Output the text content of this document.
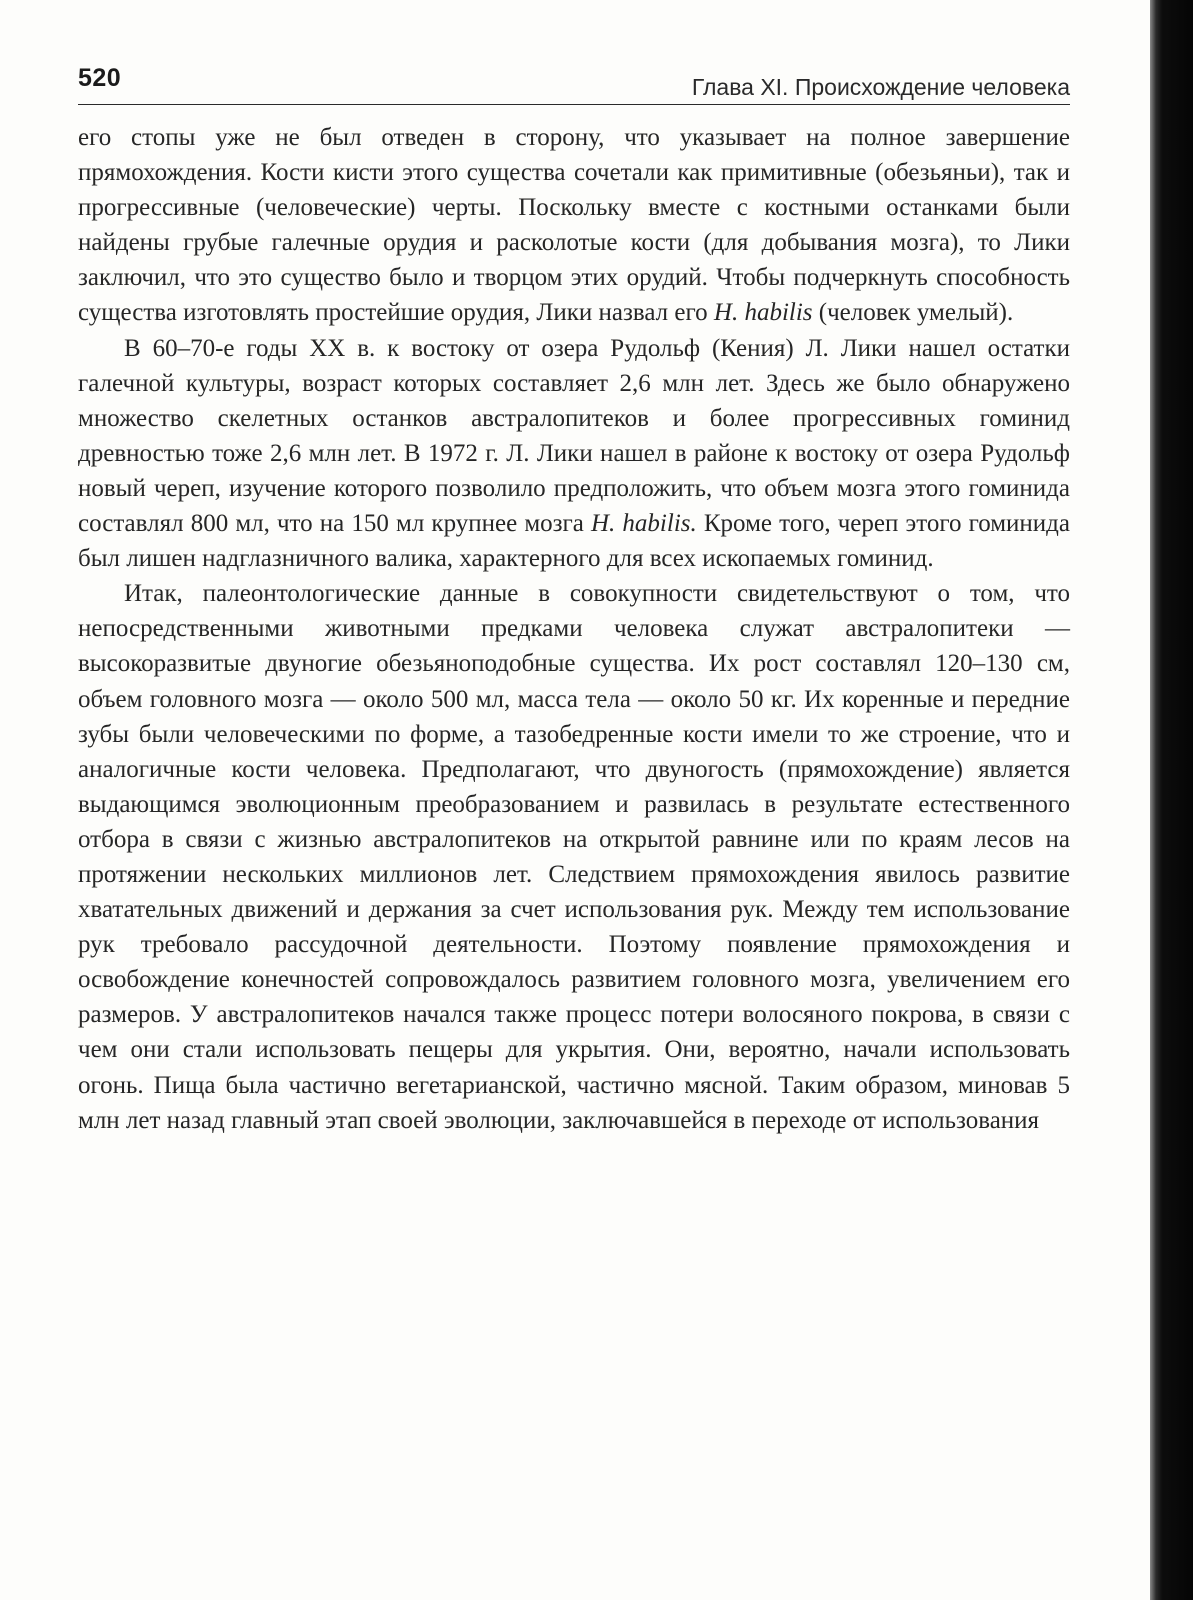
520	Глава XI. Происхождение человека

его стопы уже не был отведен в сторону, что указывает на полное завершение прямохождения. Кости кисти этого существа сочетали как примитивные (обезьяньи), так и прогрессивные (человеческие) черты. Поскольку вместе с костными останками были найдены грубые галечные орудия и расколотые кости (для добывания мозга), то Лики заключил, что это существо было и творцом этих орудий. Чтобы подчеркнуть способность существа изготовлять простейшие орудия, Лики назвал его H. habilis (человек умелый).

В 60–70-е годы XX в. к востоку от озера Рудольф (Кения) Л. Лики нашел остатки галечной культуры, возраст которых составляет 2,6 млн лет. Здесь же было обнаружено множество скелетных останков австралопитеков и более прогрессивных гоминид древностью тоже 2,6 млн лет. В 1972 г. Л. Лики нашел в районе к востоку от озера Рудольф новый череп, изучение которого позволило предположить, что объем мозга этого гоминида составлял 800 мл, что на 150 мл крупнее мозга H. habilis. Кроме того, череп этого гоминида был лишен надглазничного валика, характерного для всех ископаемых гоминид.

Итак, палеонтологические данные в совокупности свидетельствуют о том, что непосредственными животными предками человека служат австралопитеки — высокоразвитые двуногие обезьяноподобные существа. Их рост составлял 120–130 см, объем головного мозга — около 500 мл, масса тела — около 50 кг. Их коренные и передние зубы были человеческими по форме, а тазобедренные кости имели то же строение, что и аналогичные кости человека. Предполагают, что двуногость (прямохождение) является выдающимся эволюционным преобразованием и развилась в результате естественного отбора в связи с жизнью австралопитеков на открытой равнине или по краям лесов на протяжении нескольких миллионов лет. Следствием прямохождения явилось развитие хватательных движений и держания за счет использования рук. Между тем использование рук требовало рассудочной деятельности. Поэтому появление прямохождения и освобождение конечностей сопровождалось развитием головного мозга, увеличением его размеров. У австралопитеков начался также процесс потери волосяного покрова, в связи с чем они стали использовать пещеры для укрытия. Они, вероятно, начали использовать огонь. Пища была частично вегетарианской, частично мясной. Таким образом, миновав 5 млн лет назад главный этап своей эволюции, заключавшейся в переходе от использования
